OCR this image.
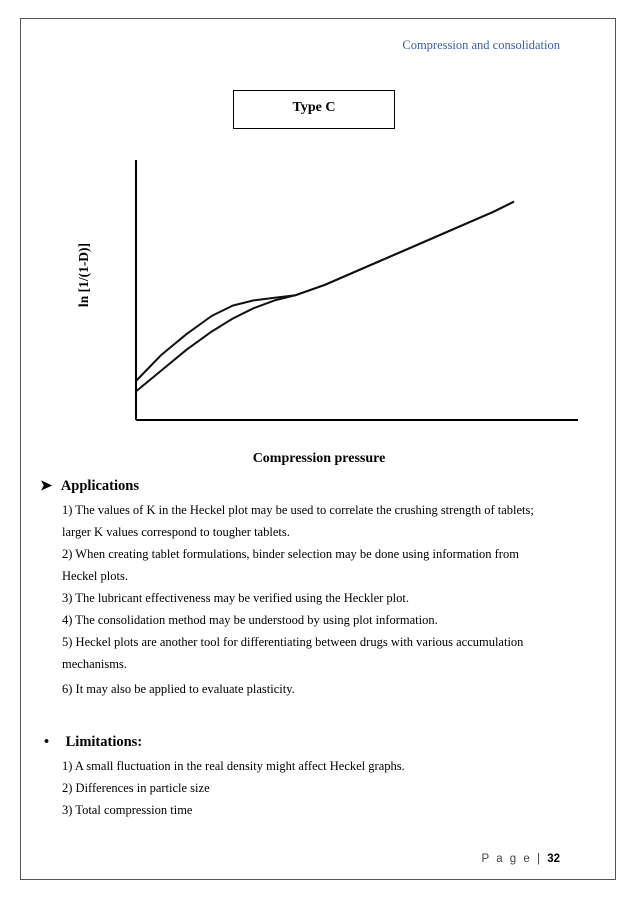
Compression and consolidation
Type C
ln [1/(1-D)]
Compression pressure
➤ Applications
1) The values of K in the Heckel plot may be used to correlate the crushing strength of tablets;
larger K values correspond to tougher tablets.
2) When creating tablet formulations, binder selection may be done using information from
Heckel plots.
3) The lubricant effectiveness may be verified using the Heckler plot.
4) The consolidation method may be understood by using plot information.
5) Heckel plots are another tool for differentiating between drugs with various accumulation
mechanisms.
6) It may also be applied to evaluate plasticity.
• Limitations:
1) A small fluctuation in the real density might affect Heckel graphs.
2) Differences in particle size
3) Total compression time
P a g e | 32
